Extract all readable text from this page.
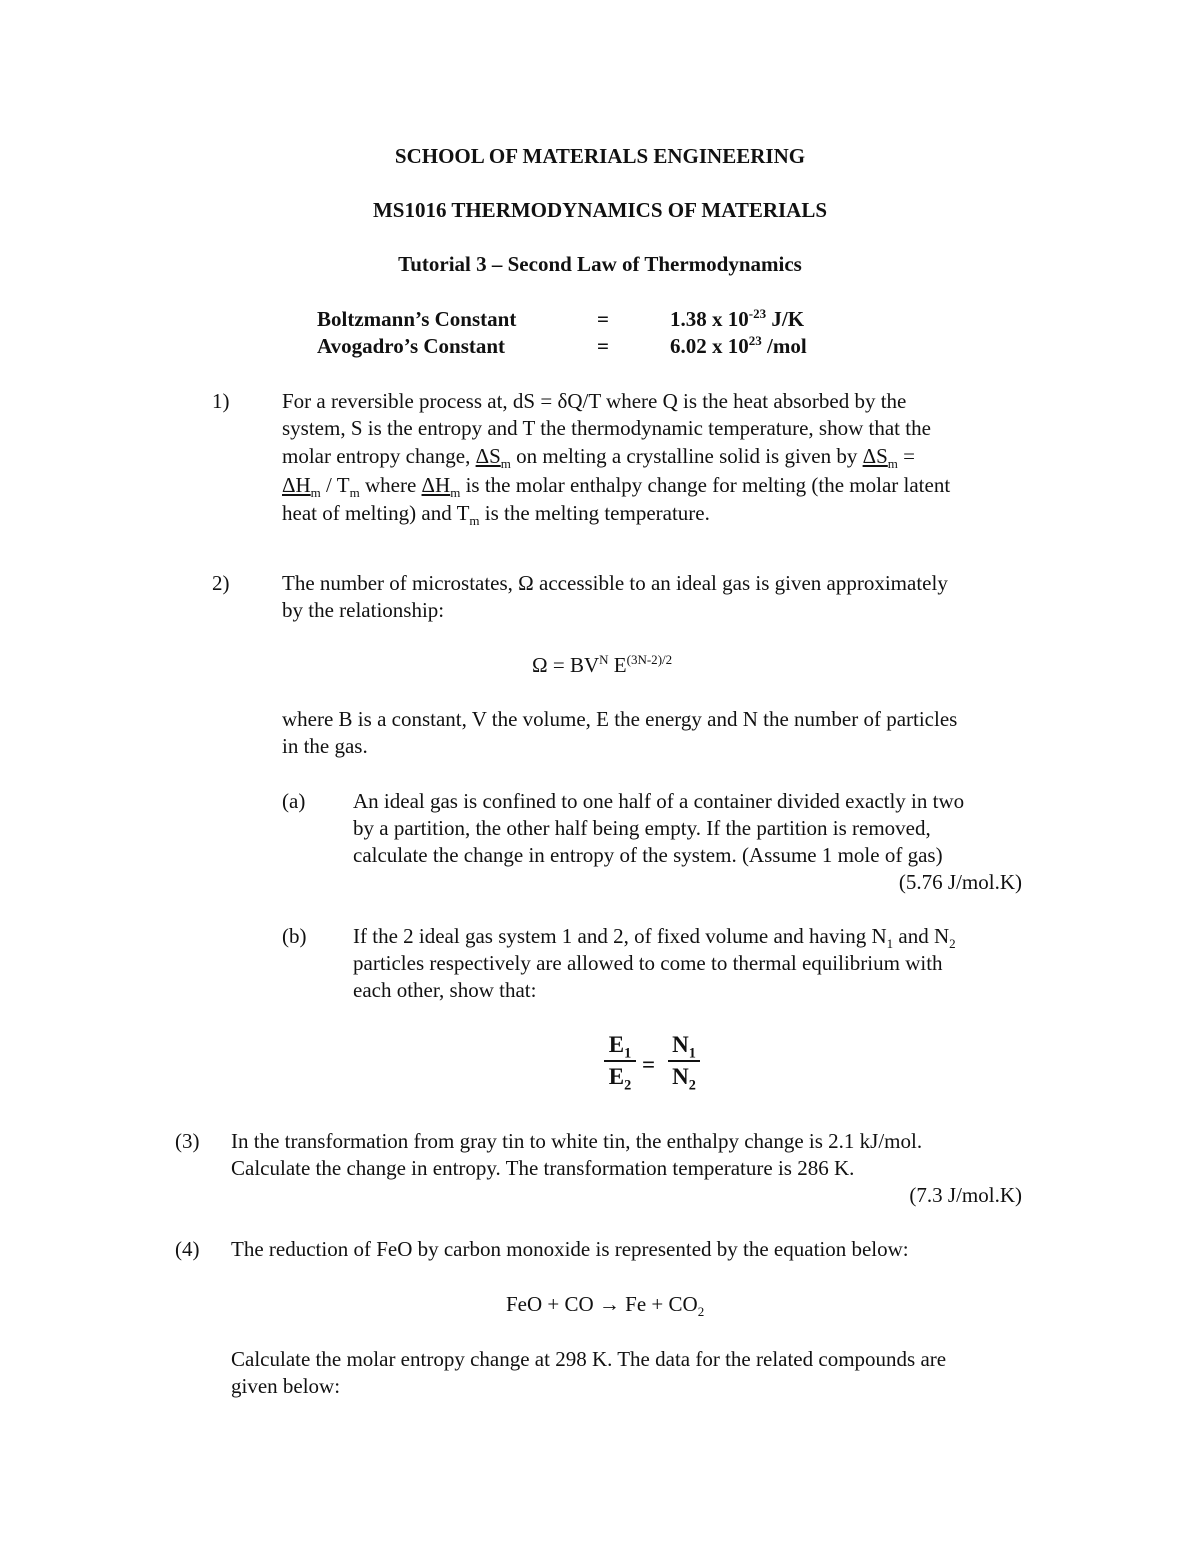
SCHOOL OF MATERIALS ENGINEERING
MS1016 THERMODYNAMICS OF MATERIALS
Tutorial 3 – Second Law of Thermodynamics
Boltzmann’s Constant	=	1.38 x $10^{-23}$ J/K
Avogadro’s Constant	=	6.02 x $10^{23}$ /mol
1)	For a reversible process at, dS = δQ/T where Q is the heat absorbed by the
system, S is the entropy and T the thermodynamic temperature, show that the
molar entropy change, $\Delta S_m$ on melting a crystalline solid is given by $\Delta S_m$ =
$\Delta H_m / T_m$ where $\Delta H_m$ is the molar enthalpy change for melting (the molar latent
heat of melting) and $T_m$ is the melting temperature.
2)	The number of microstates, Ω accessible to an ideal gas is given approximately
by the relationship:
$\Omega = BV^N$ $E^{(3N-2)/2}$
where B is a constant, V the volume, E the energy and N the number of particles
in the gas.
(a) An ideal gas is confined to one half of a container divided exactly in two
by a partition, the other half being empty. If the partition is removed,
calculate the change in entropy of the system. (Assume 1 mole of gas)
(5.76 J/mol.K)
(b) If the 2 ideal gas system 1 and 2, of fixed volume and having $N_1$ and $N_2$
particles respectively are allowed to come to thermal equilibrium with
each other, show that:
$E_1$
$E_2$
=
$N_1$
$N_2$
(3) In the transformation from gray tin to white tin, the enthalpy change is 2.1 kJ/mol.
Calculate the change in entropy. The transformation temperature is 286 K.
(7.3 J/mol.K)
(4) The reduction of FeO by carbon monoxide is represented by the equation below:
FeO + CO → $Fe + CO_2$
Calculate the molar entropy change at 298 K. The data for the related compounds are
given below:
